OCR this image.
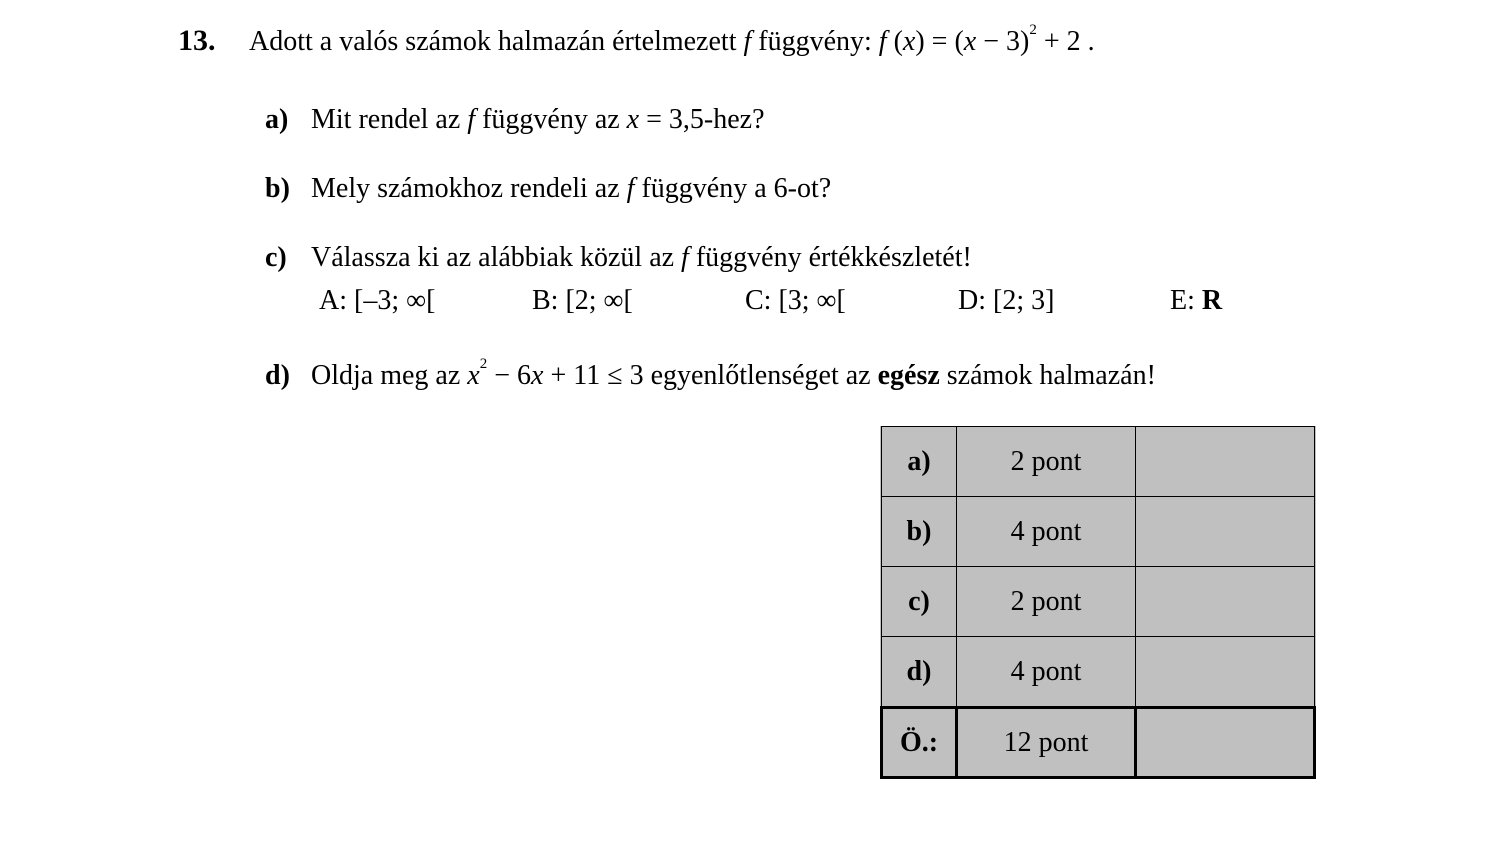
13. Adott a valós számok halmazán értelmezett f függvény: f $(x) = (x - 3)^2 + 2$ .
a) Mit rendel az f függvény az x = 3,5-hez?
b) Mely számokhoz rendeli az f függvény a 6-ot?
c) Válassza ki az alábbiak közül az f függvény értékkészletét!
A: [–3; ∞[	B: [2; ∞[	C: [3; ∞[	D: [2; 3]	E: R
d) Oldja meg az $x^2 - 6x + 11 \le 3$ egyenlőtlenséget az egész számok halmazán!
a)	2 pont	
b)	4 pont	
c)	2 pont	
d)	4 pont	
Ö.:	12 pont	
